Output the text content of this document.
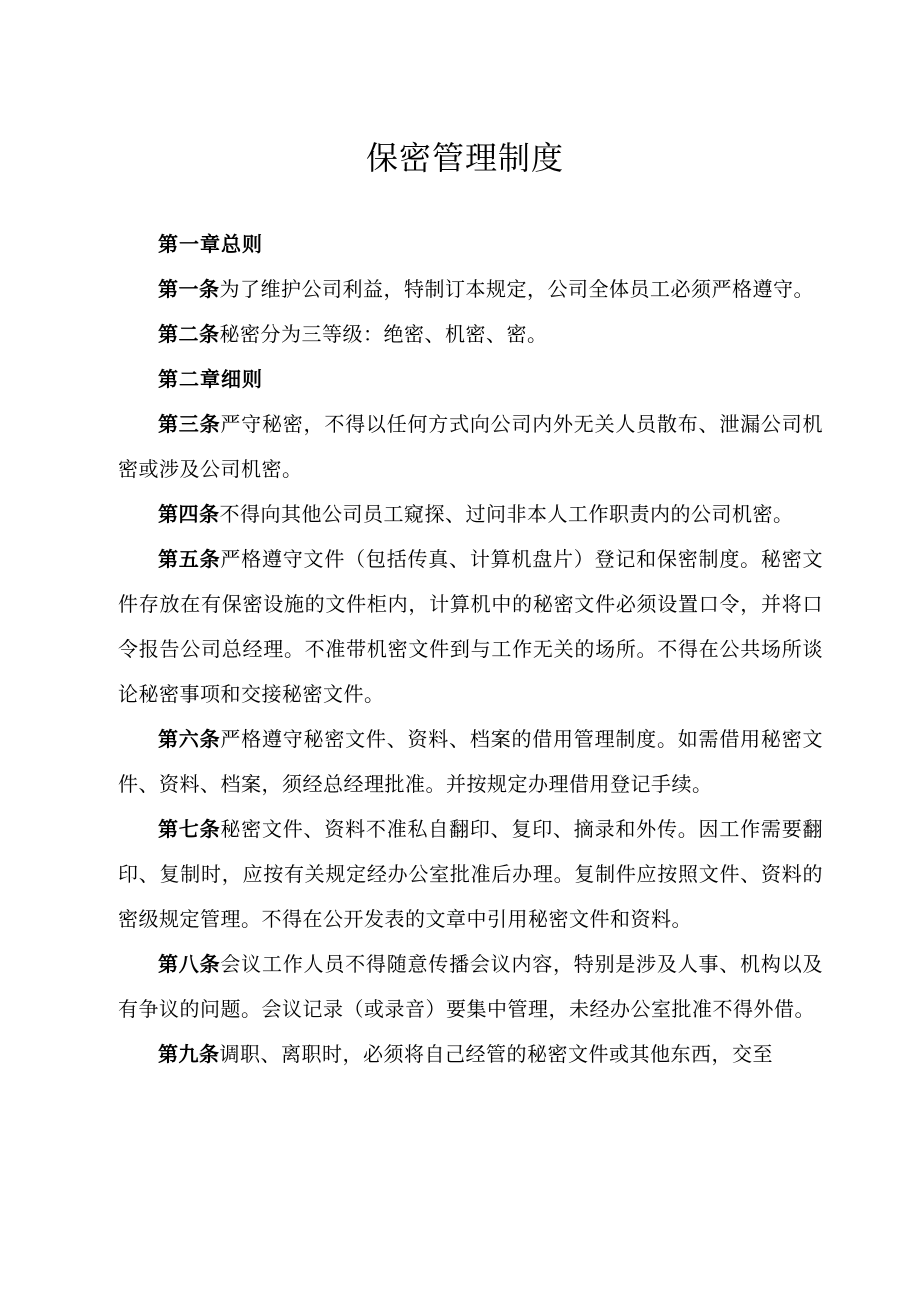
保密管理制度

第一章总则

第一条为了维护公司利益，特制订本规定，公司全体员工必须严格遵守。

第二条秘密分为三等级：绝密、机密、密。

第二章细则

第三条严守秘密，不得以任何方式向公司内外无关人员散布、泄漏公司机密或涉及公司机密。

第四条不得向其他公司员工窥探、过问非本人工作职责内的公司机密。

第五条严格遵守文件（包括传真、计算机盘片）登记和保密制度。秘密文件存放在有保密设施的文件柜内，计算机中的秘密文件必须设置口令，并将口令报告公司总经理。不准带机密文件到与工作无关的场所。不得在公共场所谈论秘密事项和交接秘密文件。

第六条严格遵守秘密文件、资料、档案的借用管理制度。如需借用秘密文件、资料、档案，须经总经理批准。并按规定办理借用登记手续。

第七条秘密文件、资料不准私自翻印、复印、摘录和外传。因工作需要翻印、复制时，应按有关规定经办公室批准后办理。复制件应按照文件、资料的密级规定管理。不得在公开发表的文章中引用秘密文件和资料。

第八条会议工作人员不得随意传播会议内容，特别是涉及人事、机构以及有争议的问题。会议记录（或录音）要集中管理，未经办公室批准不得外借。

第九条调职、离职时，必须将自己经管的秘密文件或其他东西，交至
